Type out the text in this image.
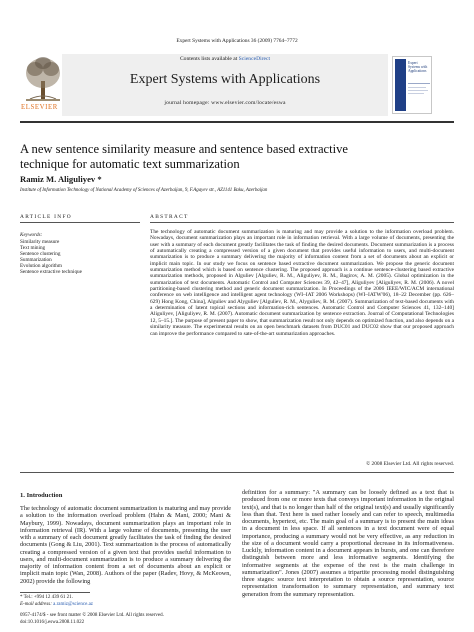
Expert Systems with Applications 36 (2009) 7764–7772
ELSEVIER
Contents lists available at ScienceDirect
Expert Systems with Applications
journal homepage: www.elsevier.com/locate/eswa
Expert Systems with Applications
A new sentence similarity measure and sentence based extractive
technique for automatic text summarization
Ramiz M. Aliguliyev *
Institute of Information Technology of National Academy of Sciences of Azerbaijan, 9, F.Agayev str., AZ1141 Baku, Azerbaijan
ARTICLE INFO
Keywords:
Similarity measure
Text mining
Sentence clustering
Summarization
Evolution algorithm
Sentence extractive technique
ABSTRACT
The technology of automatic document summarization is maturing and may provide a solution to the information overload problem. Nowadays, document summarization plays an important role in information retrieval. With a large volume of documents, presenting the user with a summary of each document greatly facilitates the task of finding the desired documents. Document summarization is a process of automatically creating a compressed version of a given document that provides useful information to users, and multi-document summarization is to produce a summary delivering the majority of information content from a set of documents about an explicit or implicit main topic. In our study we focus on sentence based extractive document summarization. We propose the generic document summarization method which is based on sentence clustering. The proposed approach is a continue sentence-clustering based extractive summarization methods, proposed in Alguliev [Alguliev, R. M., Aliguliyev, R. M., Bagirov, A. M. (2005). Global optimization in the summarization of text documents. Automatic Control and Computer Sciences 39, 42–47], Aliguliyev [Aliguliyev, R. M. (2006). A novel partitioning-based clustering method and generic document summarization. In Proceedings of the 2006 IEEE/WIC/ACM international conference on web intelligence and intelligent agent technology (WI–IAT 2006 Workshops) (WI–IATW'06), 18–22 December (pp. 626–629) Hong Kong, China], Alguliev and Alyguliev [Alguliev, R. M., Alyguliev, R. M. (2007). Summarization of text-based documents with a determination of latent topical sections and information-rich sentences. Automatic Control and Computer Sciences 41, 132–140] Aliguliyev, [Aliguliyev, R. M. (2007). Automatic document summarization by sentence extraction. Journal of Computational Technologies 12, 5–15.]. The purpose of present paper to show, that summarization result not only depends on optimized function, and also depends on a similarity measure. The experimental results on an open benchmark datasets from DUC01 and DUC02 show that our proposed approach can improve the performance compared to sate-of-the-art summarization approaches.
© 2008 Elsevier Ltd. All rights reserved.
1. Introduction
The technology of automatic document summarization is maturing and may provide a solution to the information overload problem (Hahn & Mani, 2000; Mani & Maybury, 1999). Nowadays, document summarization plays an important role in information retrieval (IR). With a large volume of documents, presenting the user with a summary of each document greatly facilitates the task of finding the desired documents (Gong & Liu, 2001). Text summarization is the process of automatically creating a compressed version of a given text that provides useful information to users, and multi-document summarization is to produce a summary delivering the majority of information content from a set of documents about an explicit or implicit main topic (Wan, 2008). Authors of the paper (Radev, Hovy, & McKeown, 2002) provide the following
definition for a summary: "A summary can be loosely defined as a text that is produced from one or more texts that conveys important information in the original text(s), and that is no longer than half of the original text(s) and usually significantly less than that. Text here is used rather loosely and can refer to speech, multimedia documents, hypertext, etc. The main goal of a summary is to present the main ideas in a document in less space. If all sentences in a text document were of equal importance, producing a summary would not be very effective, as any reduction in the size of a document would carry a proportional decrease in its informativeness. Luckily, information content in a document appears in bursts, and one can therefore distinguish between more and less informative segments. Identifying the informative segments at the expense of the rest is the main challenge in summarization". Jones (2007) assumes a tripartite processing model distinguishing three stages: source text interpretation to obtain a source representation, source representation transformation to summary representation, and summary text generation from the summary representation.
* Tel.: +994 12 439 61 21.
E-mail address: a.ramiz@science.az
0957-4174/$ - see front matter © 2008 Elsevier Ltd. All rights reserved.
doi:10.1016/j.eswa.2008.11.022
